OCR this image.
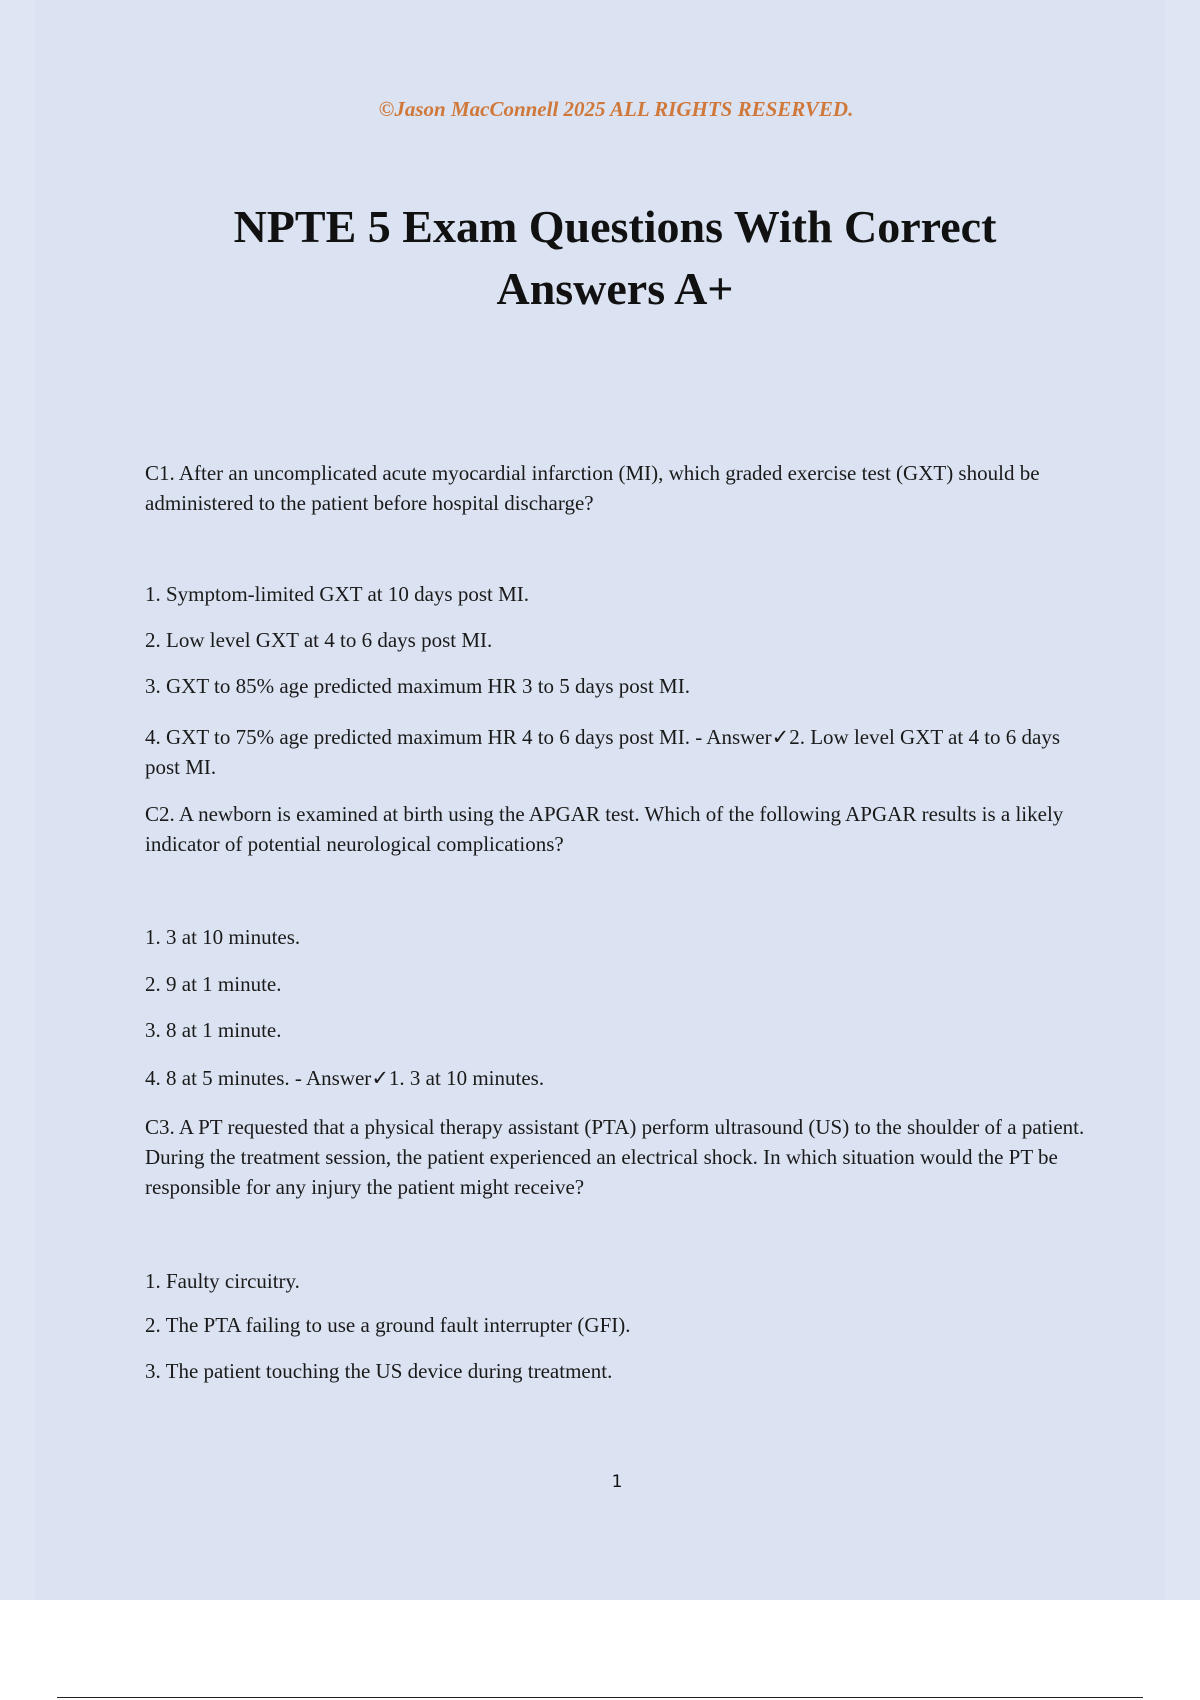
©Jason MacConnell 2025 ALL RIGHTS RESERVED.

NPTE 5 Exam Questions With Correct Answers A+

C1. After an uncomplicated acute myocardial infarction (MI), which graded exercise test (GXT) should be administered to the patient before hospital discharge?

1. Symptom-limited GXT at 10 days post MI.

2. Low level GXT at 4 to 6 days post MI.

3. GXT to 85% age predicted maximum HR 3 to 5 days post MI.

4. GXT to 75% age predicted maximum HR 4 to 6 days post MI. - Answer✓2. Low level GXT at 4 to 6 days post MI.

C2. A newborn is examined at birth using the APGAR test. Which of the following APGAR results is a likely indicator of potential neurological complications?

1. 3 at 10 minutes.

2. 9 at 1 minute.

3. 8 at 1 minute.

4. 8 at 5 minutes. - Answer✓1. 3 at 10 minutes.

C3. A PT requested that a physical therapy assistant (PTA) perform ultrasound (US) to the shoulder of a patient. During the treatment session, the patient experienced an electrical shock. In which situation would the PT be responsible for any injury the patient might receive?

1. Faulty circuitry.

2. The PTA failing to use a ground fault interrupter (GFI).

3. The patient touching the US device during treatment.

1
